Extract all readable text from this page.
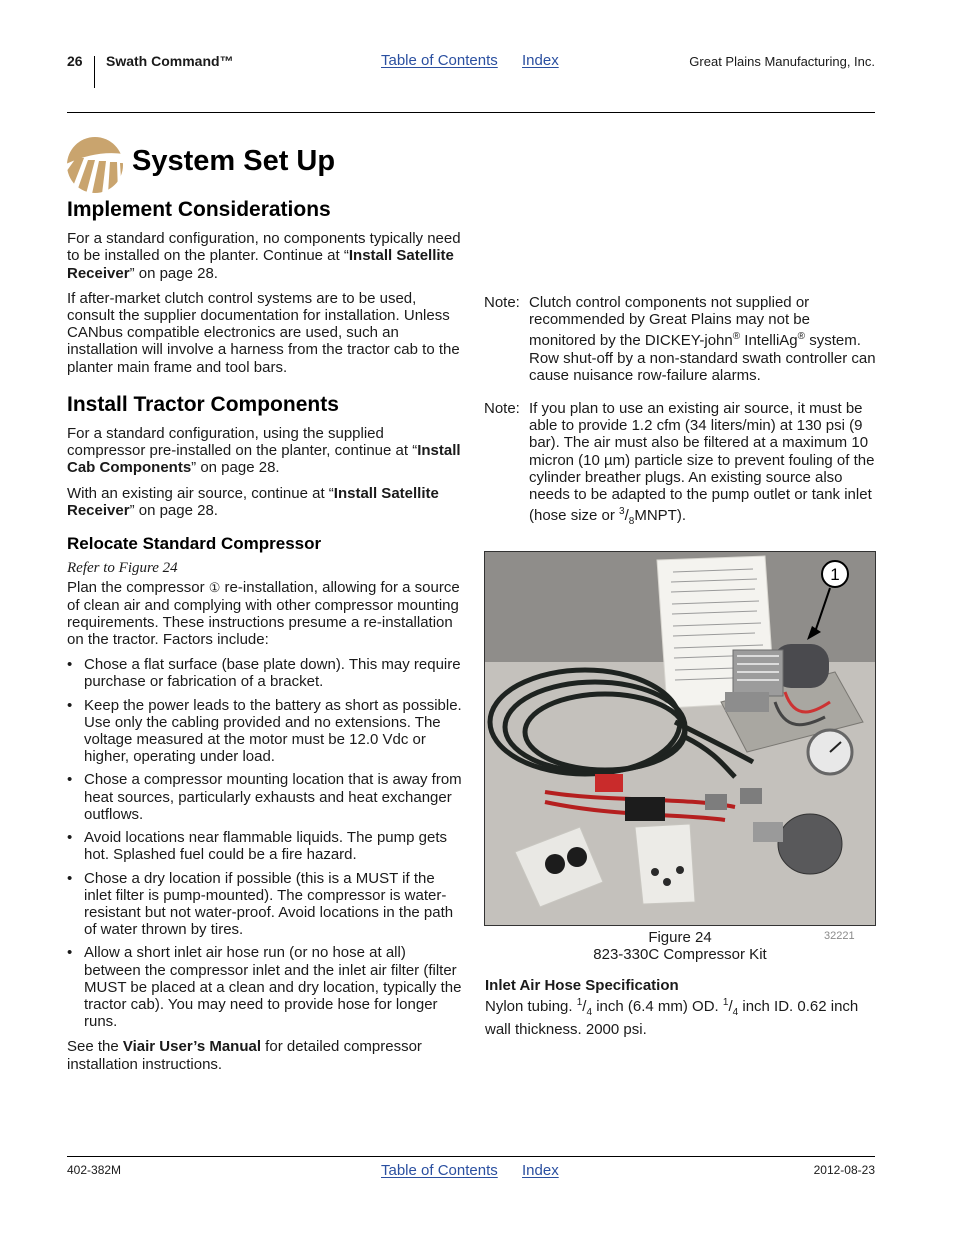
26 Swath Command™	Table of Contents Index	Great Plains Manufacturing, Inc.
System Set Up
Implement Considerations

For a standard configuration, no components typically need to be installed on the planter. Continue at “Install Satellite Receiver” on page 28.

If after-market clutch control systems are to be used, consult the supplier documentation for installation. Unless CANbus compatible electronics are used, such an installation will involve a harness from the tractor cab to the planter main frame and tool bars.

Install Tractor Components

For a standard configuration, using the supplied compressor pre-installed on the planter, continue at “Install Cab Components” on page 28.

With an existing air source, continue at “Install Satellite Receiver” on page 28.

Relocate Standard Compressor
Refer to Figure 24

Plan the compressor ① re-installation, allowing for a source of clean air and complying with other compressor mounting requirements. These instructions presume a re-installation on the tractor. Factors include:

• Chose a flat surface (base plate down). This may require purchase or fabrication of a bracket.
• Keep the power leads to the battery as short as possible. Use only the cabling provided and no extensions. The voltage measured at the motor must be 12.0 Vdc or higher, operating under load.
• Chose a compressor mounting location that is away from heat sources, particularly exhausts and heat exchanger outflows.
• Avoid locations near flammable liquids. The pump gets hot. Splashed fuel could be a fire hazard.
• Chose a dry location if possible (this is a MUST if the inlet filter is pump-mounted). The compressor is water-resistant but not water-proof. Avoid locations in the path of water thrown by tires.
• Allow a short inlet air hose run (or no hose at all) between the compressor inlet and the inlet air filter (filter MUST be placed at a clean and dry location, typically the tractor cab). You may need to provide hose for longer runs.

See the Viair User’s Manual for detailed compressor installation instructions.

Note: Clutch control components not supplied or recommended by Great Plains may not be monitored by the DICKEY-john® IntelliAg® system. Row shut-off by a non-standard swath controller can cause nuisance row-failure alarms.
Note: If you plan to use an existing air source, it must be able to provide 1.2 cfm (34 liters/min) at 130 psi (9 bar). The air must also be filtered at a maximum 10 micron (10 µm) particle size to prevent fouling of the cylinder breather plugs. An existing source also needs to be adapted to the pump outlet or tank inlet (hose size or $^3/_8MNPT$).
1
Figure 24
823-330C Compressor Kit
32221
Inlet Air Hose Specification
Nylon tubing. $^1/_4$ inch (6.4 mm) OD. $^1/_4$ inch ID. 0.62 inch wall thickness. 2000 psi.
402-382M	Table of Contents Index	2012-08-23
